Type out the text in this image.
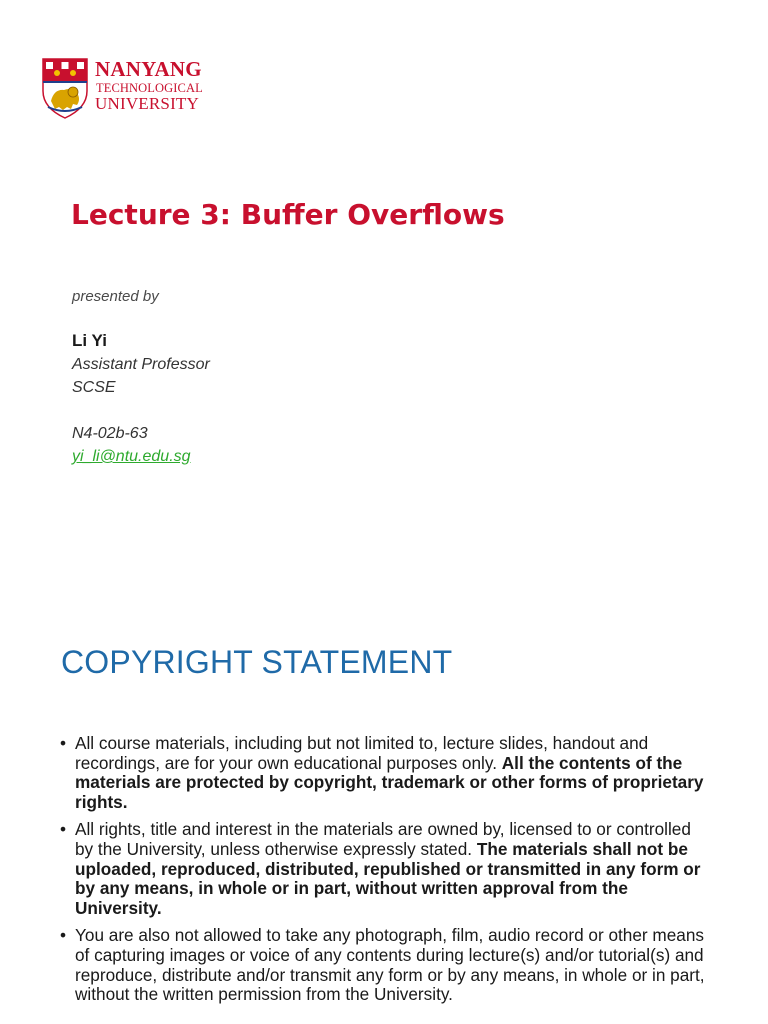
NANYANG
TECHNOLOGICAL
UNIVERSITY
Lecture 3: Buffer Overflows
presented by
Li Yi
Assistant Professor
SCSE
N4-02b-63
yi_li@ntu.edu.sg
COPYRIGHT STATEMENT
• All course materials, including but not limited to, lecture slides, handout and recordings, are for your own educational purposes only. All the contents of the materials are protected by copyright, trademark or other forms of proprietary rights.
• All rights, title and interest in the materials are owned by, licensed to or controlled by the University, unless otherwise expressly stated. The materials shall not be uploaded, reproduced, distributed, republished or transmitted in any form or by any means, in whole or in part, without written approval from the University.
• You are also not allowed to take any photograph, film, audio record or other means of capturing images or voice of any contents during lecture(s) and/or tutorial(s) and reproduce, distribute and/or transmit any form or by any means, in whole or in part, without the written permission from the University.
